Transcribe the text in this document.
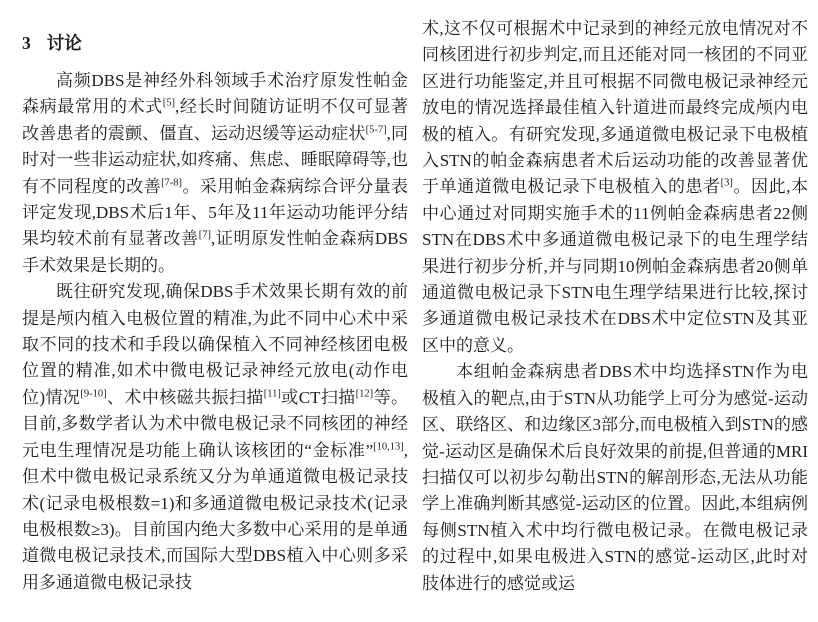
3 讨论

高频DBS是神经外科领域手术治疗原发性帕金森病最常用的术式[5],经长时间随访证明不仅可显著改善患者的震颤、僵直、运动迟缓等运动症状[5-7],同时对一些非运动症状,如疼痛、焦虑、睡眠障碍等,也有不同程度的改善[7-8]。采用帕金森病综合评分量表评定发现,DBS术后1年、5年及11年运动功能评分结果均较术前有显著改善[7],证明原发性帕金森病DBS手术效果是长期的。

既往研究发现,确保DBS手术效果长期有效的前提是颅内植入电极位置的精准,为此不同中心术中采取不同的技术和手段以确保植入不同神经核团电极位置的精准,如术中微电极记录神经元放电(动作电位)情况[9-10]、术中核磁共振扫描[11]或CT扫描[12]等。目前,多数学者认为术中微电极记录不同核团的神经元电生理情况是功能上确认该核团的“金标准”[10,13],但术中微电极记录系统又分为单通道微电极记录技术(记录电极根数=1)和多通道微电极记录技术(记录电极根数≥3)。目前国内绝大多数中心采用的是单通道微电极记录技术,而国际大型DBS植入中心则多采用多通道微电极记录技

术,这不仅可根据术中记录到的神经元放电情况对不同核团进行初步判定,而且还能对同一核团的不同亚区进行功能鉴定,并且可根据不同微电极记录神经元放电的情况选择最佳植入针道进而最终完成颅内电极的植入。有研究发现,多通道微电极记录下电极植入STN的帕金森病患者术后运动功能的改善显著优于单通道微电极记录下电极植入的患者[3]。因此,本中心通过对同期实施手术的11例帕金森病患者22侧STN在DBS术中多通道微电极记录下的电生理学结果进行初步分析,并与同期10例帕金森病患者20侧单通道微电极记录下STN电生理学结果进行比较,探讨多通道微电极记录技术在DBS术中定位STN及其亚区中的意义。

本组帕金森病患者DBS术中均选择STN作为电极植入的靶点,由于STN从功能学上可分为感觉-运动区、联络区、和边缘区3部分,而电极植入到STN的感觉-运动区是确保术后良好效果的前提,但普通的MRI扫描仅可以初步勾勒出STN的解剖形态,无法从功能学上准确判断其感觉-运动区的位置。因此,本组病例每侧STN植入术中均行微电极记录。在微电极记录的过程中,如果电极进入STN的感觉-运动区,此时对肢体进行的感觉或运
